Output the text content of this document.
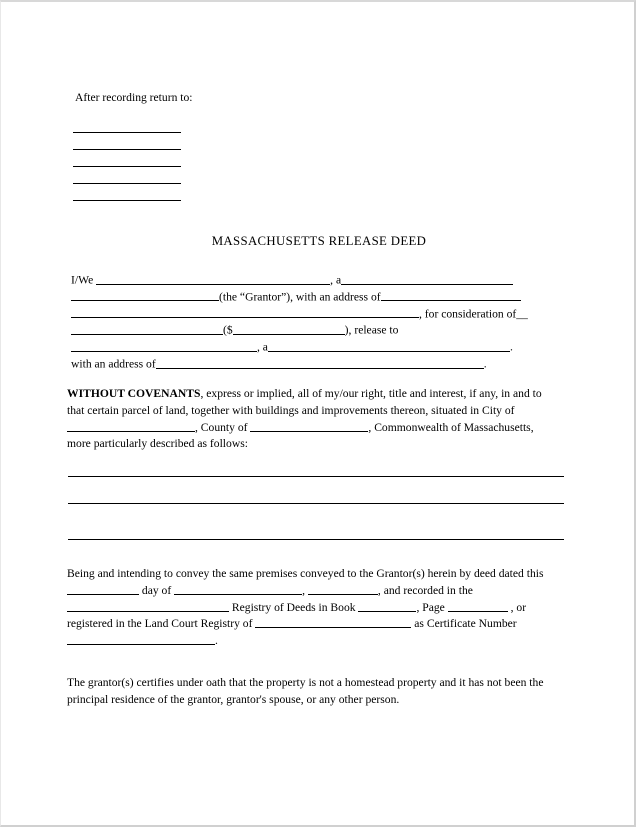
After recording return to:
MASSACHUSETTS RELEASE DEED
I/We	, a
(the “Grantor”), with an address of
, for consideration of__
($	), release to
, a	.
with an address of	.
WITHOUT COVENANTS, express or implied, all of my/our right, title and interest, if any, in and to that certain parcel of land, together with buildings and improvements thereon, situated in City of , County of	, Commonwealth of Massachusetts, more particularly described as follows:
Being and intending to convey the same premises conveyed to the Grantor(s) herein by deed dated this  day of	,	, and recorded in the  Registry of Deeds in Book	, Page	, or registered in the Land Court Registry of	as Certificate Number .
The grantor(s) certifies under oath that the property is not a homestead property and it has not been the principal residence of the grantor, grantor's spouse, or any other person.
